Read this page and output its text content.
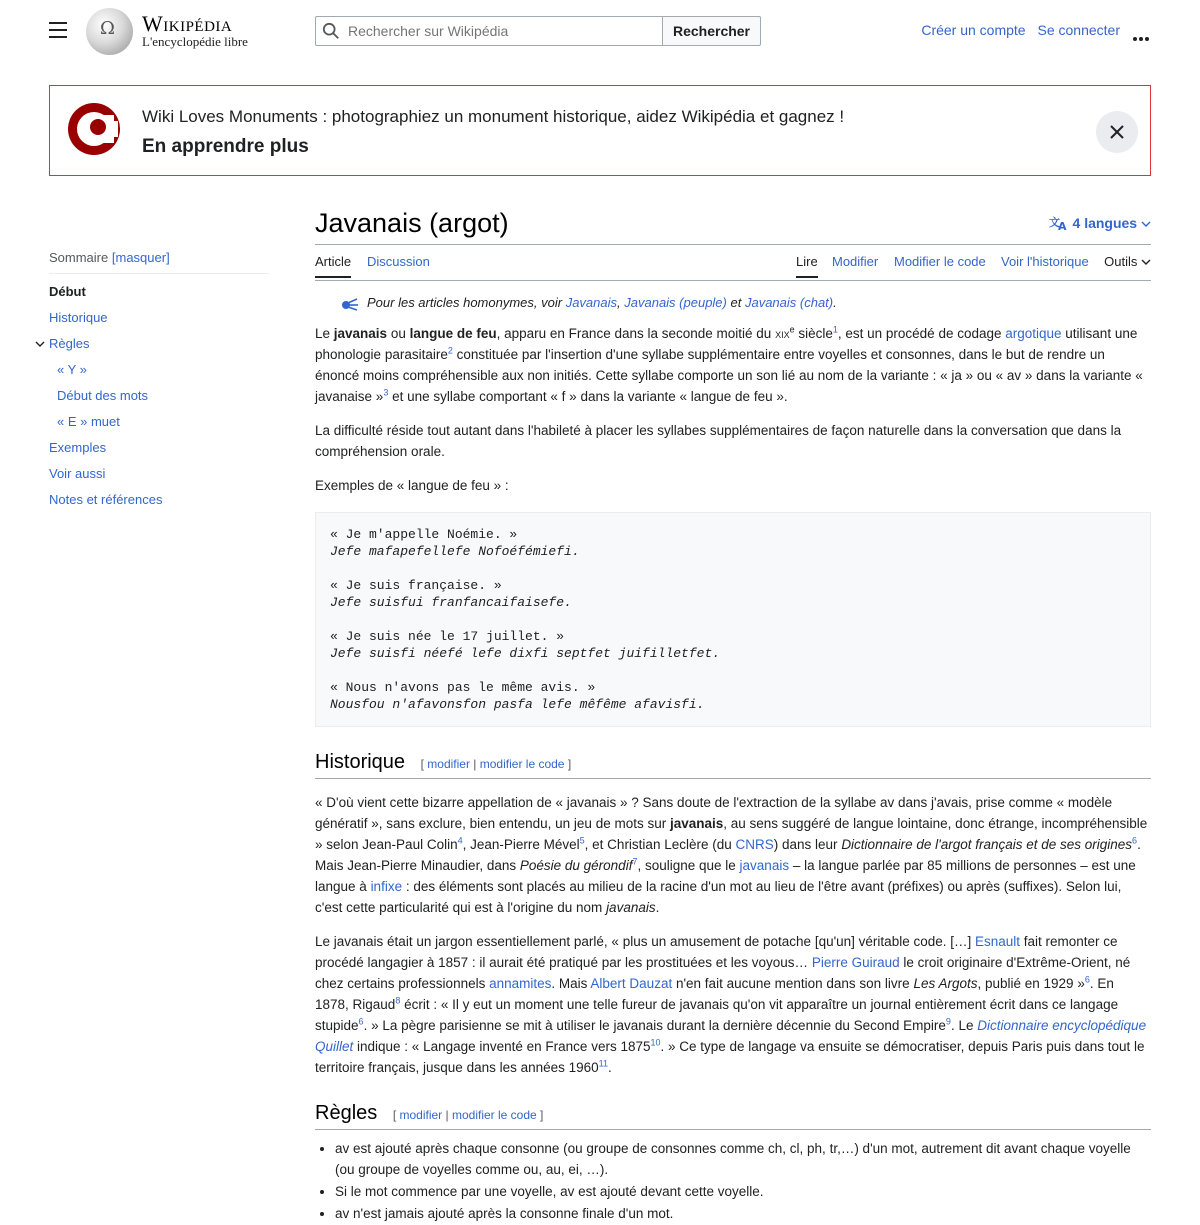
Ω
Wikipédia
L'encyclopédie libre
Rechercher sur Wikipédia
Rechercher	Créer un compte Se connecter
Wiki Loves Monuments : photographiez un monument historique, aidez Wikipédia et gagnez !
En apprendre plus
Sommaire [masquer]
Début
Historique
Règles
« Y »
Début des mots
« E » muet
Exemples
Voir aussi
Notes et références
Javanais (argot)	文
A 4 langues
Article Discussion	Lire Modifier Modifier le code Voir l'historique Outils
Pour les articles homonymes, voir Javanais, Javanais (peuple) et Javanais (chat).

Le javanais ou langue de feu, apparu en France dans la seconde moitié du xix$^e$ siècle$^1$, est un procédé de codage argotique utilisant une phonologie parasitaire$^2$ constituée par l'insertion d'une syllabe supplémentaire entre voyelles et consonnes, dans le but de rendre un énoncé moins compréhensible aux non initiés. Cette syllabe comporte un son lié au nom de la variante : « ja » ou « av » dans la variante « javanaise »$^3$ et une syllabe comportant « f » dans la variante « langue de feu ».

La difficulté réside tout autant dans l'habileté à placer les syllabes supplémentaires de façon naturelle dans la conversation que dans la compréhension orale.

Exemples de « langue de feu » :

« Je m'appelle Noémie. »
Jefe mafapefellefe Nofoéfémiefi.
« Je suis française. »
Jefe suisfui franfancaifaisefe.
« Je suis née le 17 juillet. »
Jefe suisfi néefé lefe dixfi septfet juifilletfet.
« Nous n'avons pas le même avis. »
Nousfou n'afavonsfon pasfa lefe mêfême afavisfi.
Historique [ modifier | modifier le code ]

« D'où vient cette bizarre appellation de « javanais » ? Sans doute de l'extraction de la syllabe av dans j'avais, prise comme « modèle génératif », sans exclure, bien entendu, un jeu de mots sur javanais, au sens suggéré de langue lointaine, donc étrange, incompréhensible » selon Jean-Paul Colin$^4$, Jean-Pierre Mével$^5$, et Christian Leclère (du CNRS) dans leur Dictionnaire de l'argot français et de ses origines$^6$. Mais Jean-Pierre Minaudier, dans Poésie du gérondif$^7$, souligne que le javanais – la langue parlée par 85 millions de personnes – est une langue à infixe : des éléments sont placés au milieu de la racine d'un mot au lieu de l'être avant (préfixes) ou après (suffixes). Selon lui, c'est cette particularité qui est à l'origine du nom javanais.

Le javanais était un jargon essentiellement parlé, « plus un amusement de potache [qu'un] véritable code. […] Esnault fait remonter ce procédé langagier à 1857 : il aurait été pratiqué par les prostituées et les voyous… Pierre Guiraud le croit originaire d'Extrême-Orient, né chez certains professionnels annamites. Mais Albert Dauzat n'en fait aucune mention dans son livre Les Argots, publié en 1929 »$^6$. En 1878, Rigaud$^8$ écrit : « Il y eut un moment une telle fureur de javanais qu'on vit apparaître un journal entièrement écrit dans ce langage stupide$^6$. » La pègre parisienne se mit à utiliser le javanais durant la dernière décennie du Second Empire$^9$. Le Dictionnaire encyclopédique Quillet indique : « Langage inventé en France vers 1875$^{10}$. » Ce type de langage va ensuite se démocratiser, depuis Paris puis dans tout le territoire français, jusque dans les années 1960$^{11}$.

Règles [ modifier | modifier le code ]
• av est ajouté après chaque consonne (ou groupe de consonnes comme ch, cl, ph, tr,…) d'un mot, autrement dit avant chaque voyelle (ou groupe de voyelles comme ou, au, ei, …).
• Si le mot commence par une voyelle, av est ajouté devant cette voyelle.
• av n'est jamais ajouté après la consonne finale d'un mot.
